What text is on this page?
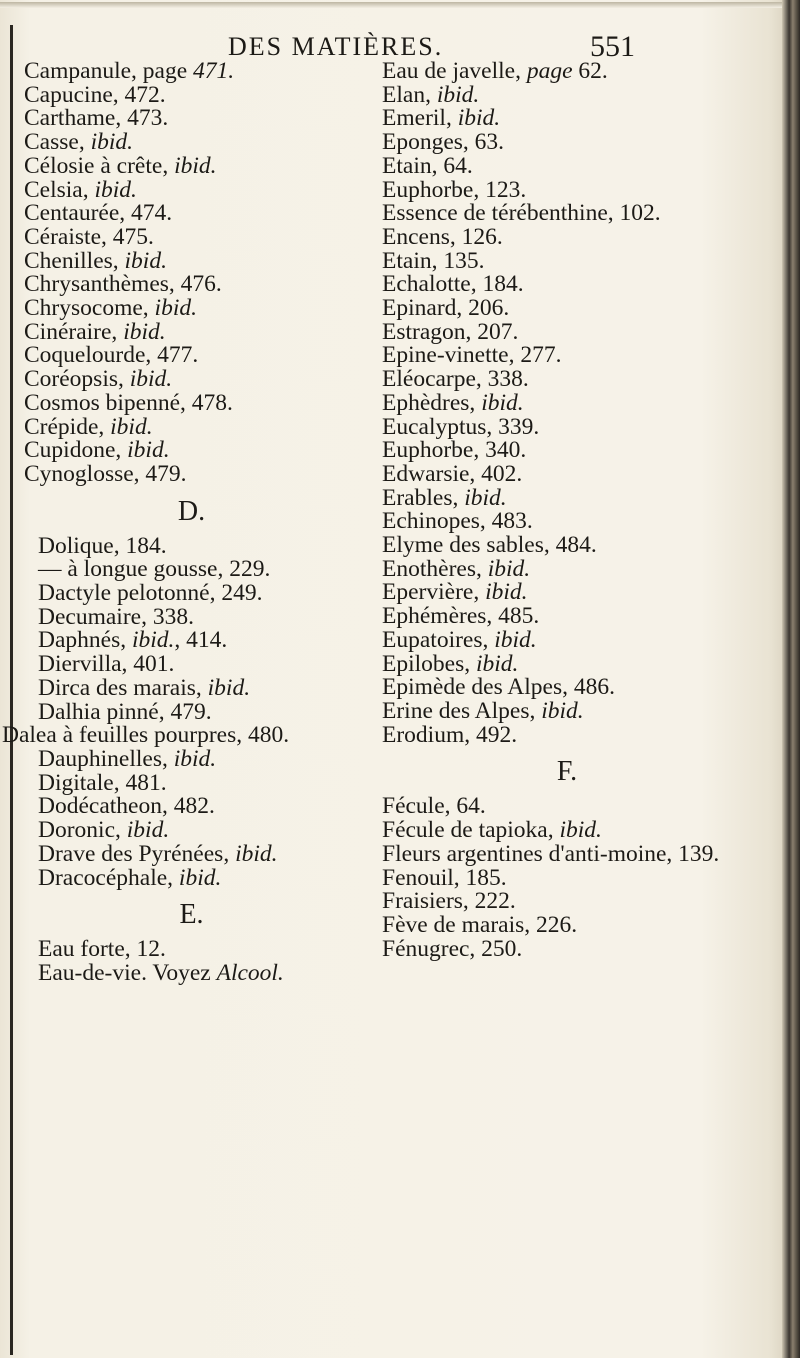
DES MATIÈRES.	551
Campanule, page 471.
Capucine, 472.
Carthame, 473.
Casse, ibid.
Célosie à crête, ibid.
Celsia, ibid.
Centaurée, 474.
Céraiste, 475.
Chenilles, ibid.
Chrysanthèmes, 476.
Chrysocome, ibid.
Cinéraire, ibid.
Coquelourde, 477.
Coréopsis, ibid.
Cosmos bipenné, 478.
Crépide, ibid.
Cupidone, ibid.
Cynoglosse, 479.
D.
Dolique, 184.
— à longue gousse, 229.
Dactyle pelotonné, 249.
Decumaire, 338.
Daphnés, ibid., 414.
Diervilla, 401.
Dirca des marais, ibid.
Dalhia pinné, 479.
Dalea à feuilles pourpres, 480.
Dauphinelles, ibid.
Digitale, 481.
Dodécatheon, 482.
Doronic, ibid.
Drave des Pyrénées, ibid.
Dracocéphale, ibid.
E.
Eau forte, 12.
Eau-de-vie. Voyez Alcool.
Eau de javelle, page 62.
Elan, ibid.
Emeril, ibid.
Eponges, 63.
Etain, 64.
Euphorbe, 123.
Essence de térébenthine, 102.
Encens, 126.
Etain, 135.
Echalotte, 184.
Epinard, 206.
Estragon, 207.
Epine-vinette, 277.
Eléocarpe, 338.
Ephèdres, ibid.
Eucalyptus, 339.
Euphorbe, 340.
Edwarsie, 402.
Erables, ibid.
Echinopes, 483.
Elyme des sables, 484.
Enothères, ibid.
Epervière, ibid.
Ephémères, 485.
Eupatoires, ibid.
Epilobes, ibid.
Epimède des Alpes, 486.
Erine des Alpes, ibid.
Erodium, 492.
F.
Fécule, 64.
Fécule de tapioka, ibid.
Fleurs argentines d'anti-moine, 139.
Fenouil, 185.
Fraisiers, 222.
Fève de marais, 226.
Fénugrec, 250.
